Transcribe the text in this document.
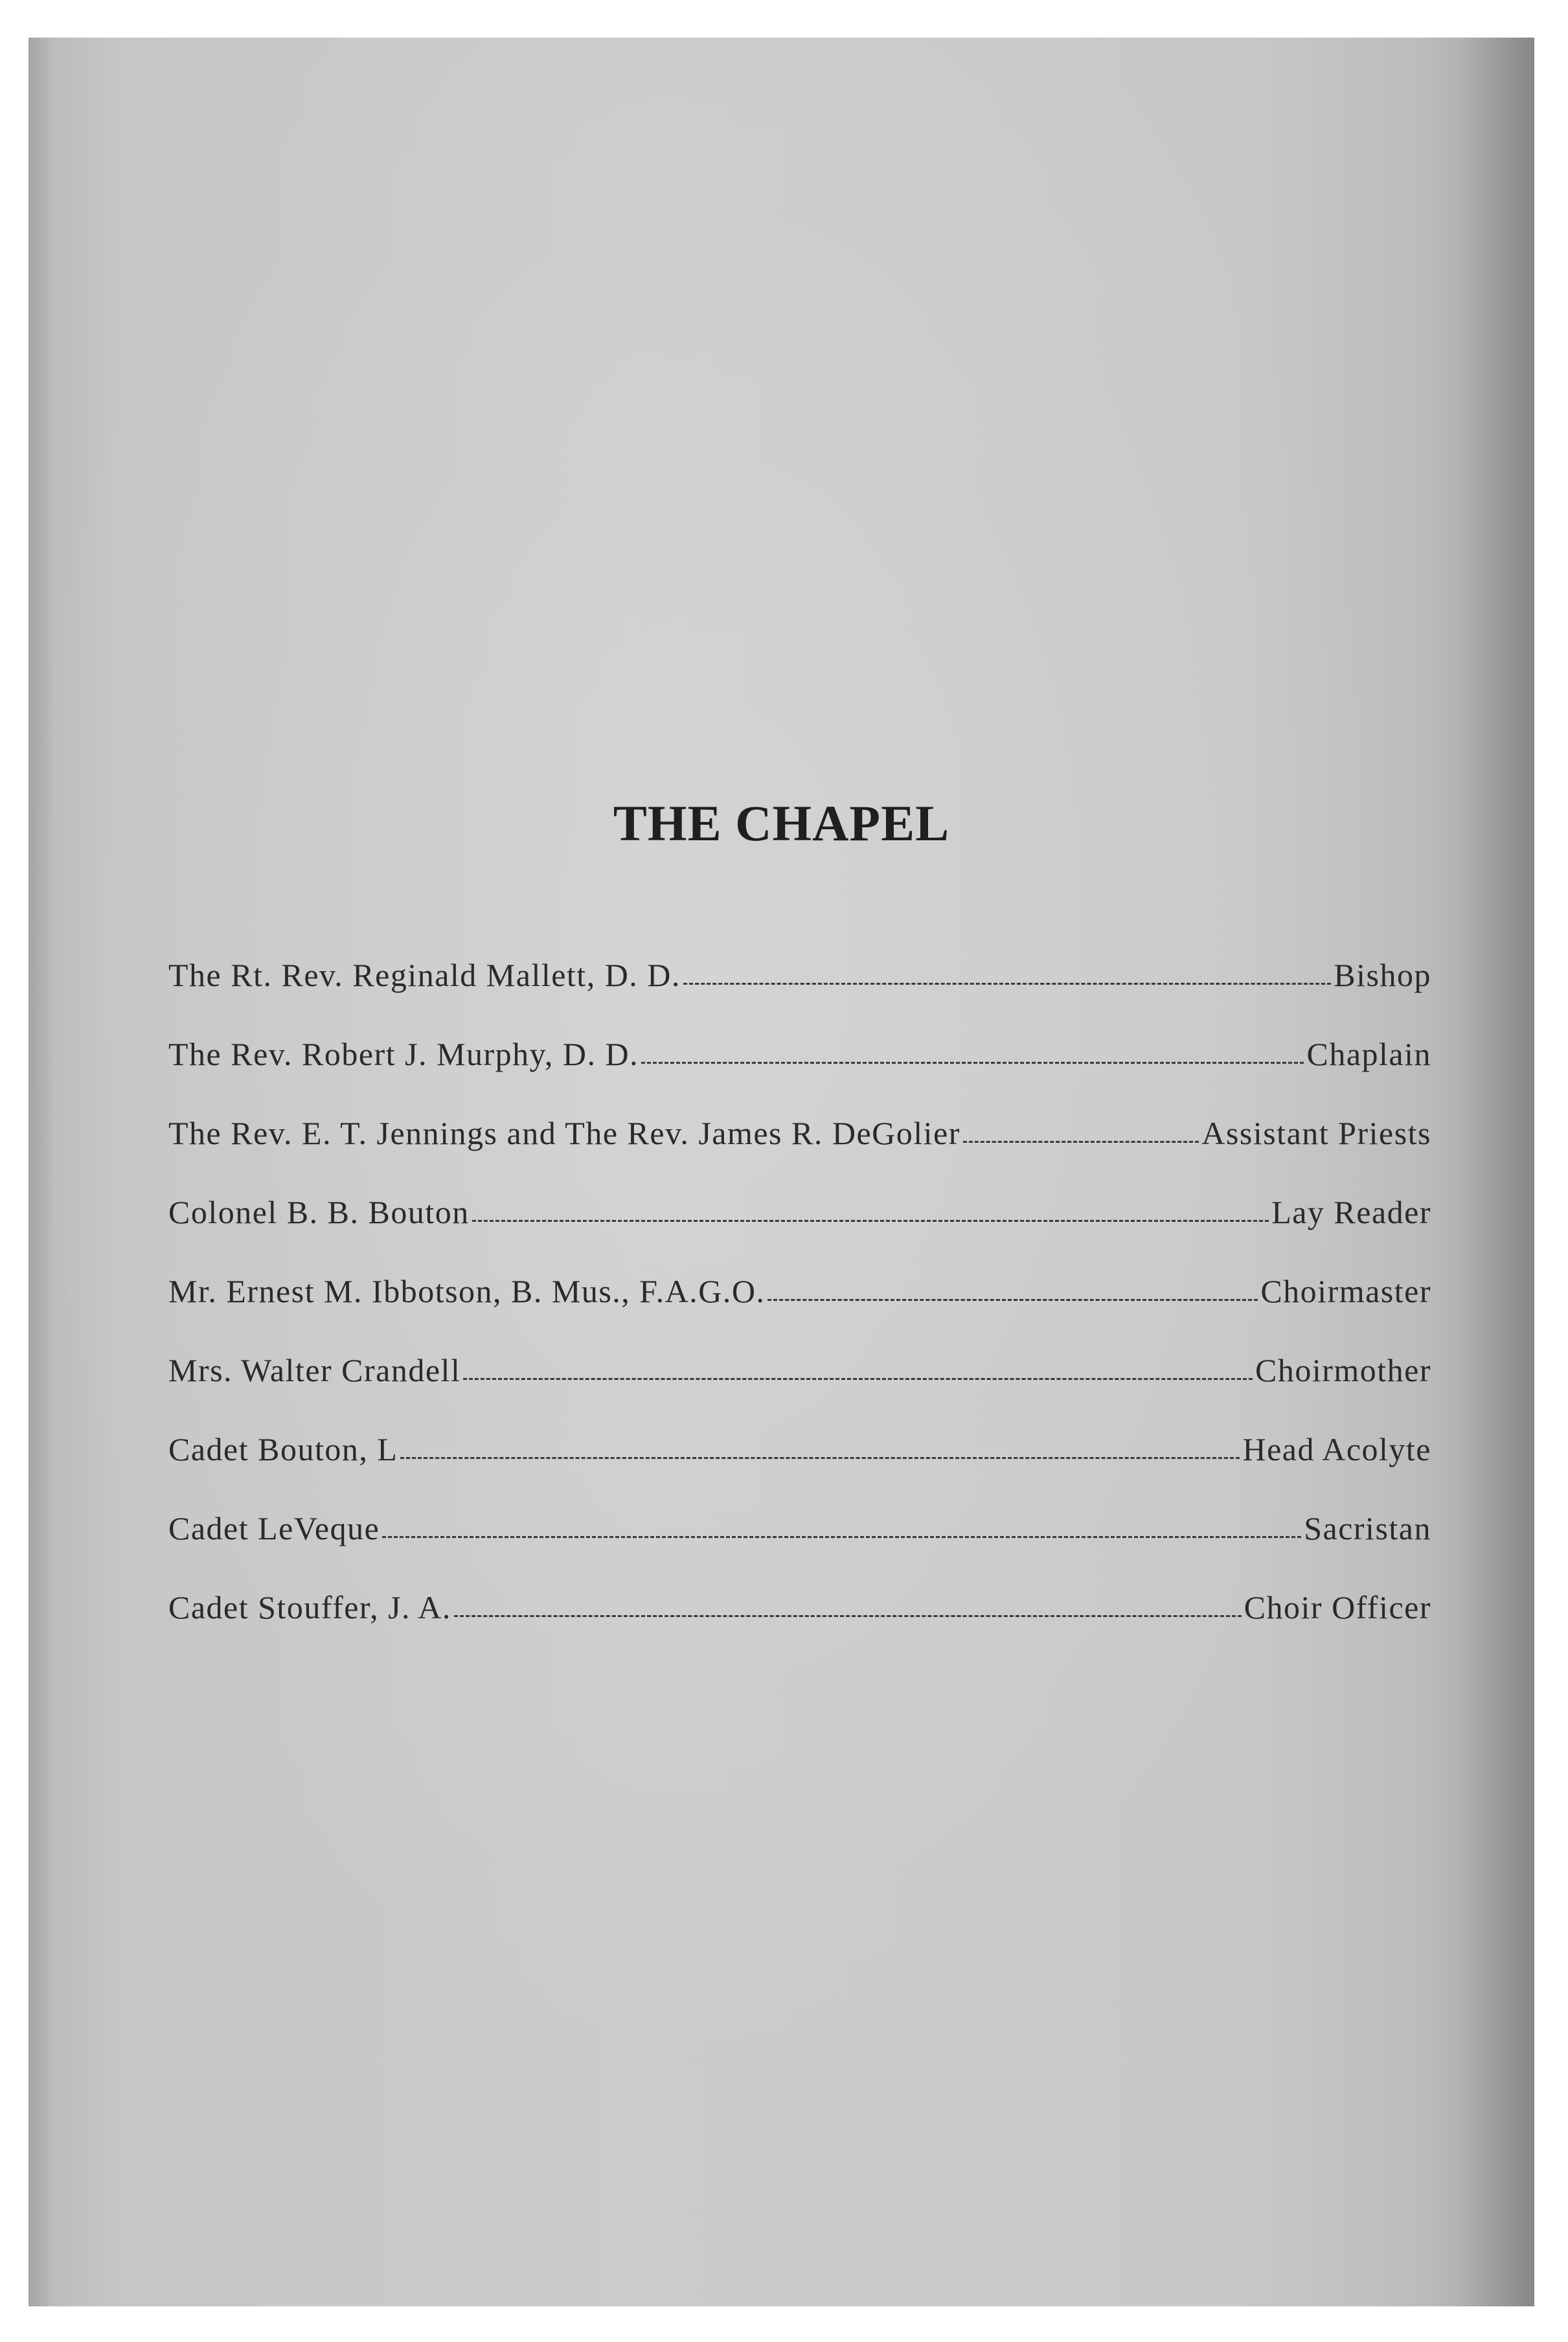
THE CHAPEL
The Rt. Rev. Reginald Mallett, D. D.	Bishop
The Rev. Robert J. Murphy, D. D.	Chaplain
The Rev. E. T. Jennings and The Rev. James R. DeGolier	Assistant Priests
Colonel B. B. Bouton	Lay Reader
Mr. Ernest M. Ibbotson, B. Mus., F.A.G.O.	Choirmaster
Mrs. Walter Crandell	Choirmother
Cadet Bouton, L	Head Acolyte
Cadet LeVeque	Sacristan
Cadet Stouffer, J. A.	Choir Officer
